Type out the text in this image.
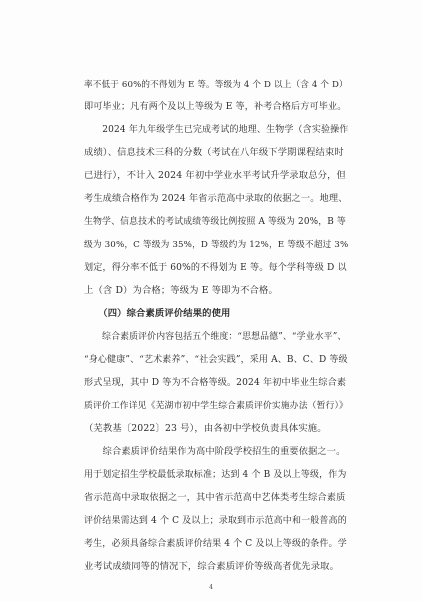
率不低于 60%的不得划为 E 等。等级为 4 个 D 以上（含 4 个 D）
即可毕业；凡有两个及以上等级为 E 等，补考合格后方可毕业。
　　2024 年九年级学生已完成考试的地理、生物学（含实验操作
成绩）、信息技术三科的分数（考试在八年级下学期课程结束时
已进行），不计入 2024 年初中学业水平考试升学录取总分，但
考生成绩合格作为 2024 年省示范高中录取的依据之一。地理、
生物学、信息技术的考试成绩等级比例按照 A 等级为 20%，B 等
级为 30%，C 等级为 35%，D 等级约为 12%，E 等级不超过 3%
划定，得分率不低于 60%的不得划为 E 等。每个学科等级 D 以
上（含 D）为合格；等级为 E 等即为不合格。
　　（四）综合素质评价结果的使用
　　综合素质评价内容包括五个维度：“思想品德”、“学业水平”、
“身心健康”、“艺术素养”、“社会实践”，采用 A、B、C、D 等级
形式呈现，其中 D 等为不合格等级。2024 年初中毕业生综合素
质评价工作详见《芜湖市初中学生综合素质评价实施办法（暂行）》
（芜教基〔2022〕23 号），由各初中学校负责具体实施。
　　综合素质评价结果作为高中阶段学校招生的重要依据之一。
用于划定招生学校最低录取标准；达到 4 个 B 及以上等级，作为
省示范高中录取依据之一，其中省示范高中艺体类考生综合素质
评价结果需达到 4 个 C 及以上；录取到市示范高中和一般普高的
考生，必须具备综合素质评价结果 4 个 C 及以上等级的条件。学
业考试成绩同等的情况下，综合素质评价等级高者优先录取。
4
